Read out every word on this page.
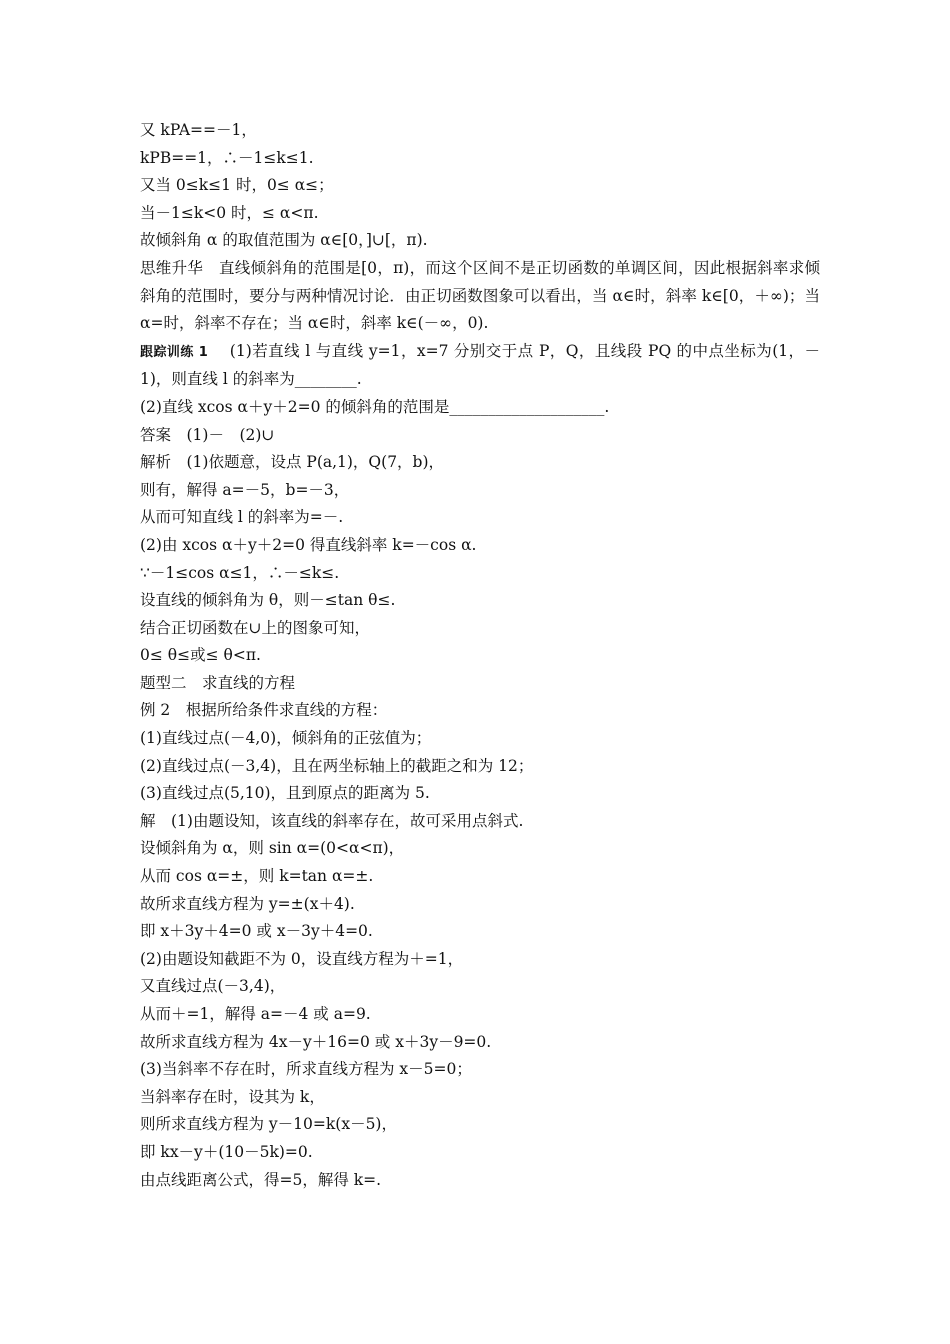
又 kPA==－1，
kPB==1，∴－1≤k≤1.
又当 0≤k≤1 时，0≤ α≤；
当－1≤k<0 时，≤ α<π.
故倾斜角 α 的取值范围为 α∈[0，]∪[，π).
思维升华　直线倾斜角的范围是[0，π)，而这个区间不是正切函数的单调区间，因此根据斜率求倾斜角的范围时，要分与两种情况讨论．由正切函数图象可以看出，当 α∈时，斜率 k∈[0，＋∞)；当 α=时，斜率不存在；当 α∈时，斜率 k∈(－∞，0).
跟踪训练 1 (1)若直线 l 与直线 y=1，x=7 分别交于点 P，Q，且线段 PQ 的中点坐标为(1，－1)，则直线 l 的斜率为________.
(2)直线 xcos α＋y＋2=0 的倾斜角的范围是____________________.
答案　(1)－　(2)∪
解析　(1)依题意，设点 P(a,1)，Q(7，b)，
则有，解得 a=－5，b=－3，
从而可知直线 l 的斜率为=－.
(2)由 xcos α＋y＋2=0 得直线斜率 k=－cos α.
∵－1≤cos α≤1，∴－≤k≤.
设直线的倾斜角为 θ，则－≤tan θ≤.
结合正切函数在∪上的图象可知，
0≤ θ≤或≤ θ<π.
题型二　求直线的方程
例 2　根据所给条件求直线的方程：
(1)直线过点(－4,0)，倾斜角的正弦值为；
(2)直线过点(－3,4)，且在两坐标轴上的截距之和为 12；
(3)直线过点(5,10)，且到原点的距离为 5.
解　(1)由题设知，该直线的斜率存在，故可采用点斜式.
设倾斜角为 α，则 sin α=(0<α<π)，
从而 cos α=±，则 k=tan α=±.
故所求直线方程为 y=±(x＋4).
即 x＋3y＋4=0 或 x－3y＋4=0.
(2)由题设知截距不为 0，设直线方程为＋=1，
又直线过点(－3,4)，
从而＋=1，解得 a=－4 或 a=9.
故所求直线方程为 4x－y＋16=0 或 x＋3y－9=0.
(3)当斜率不存在时，所求直线方程为 x－5=0；
当斜率存在时，设其为 k，
则所求直线方程为 y－10=k(x－5)，
即 kx－y＋(10－5k)=0.
由点线距离公式，得=5，解得 k=.
